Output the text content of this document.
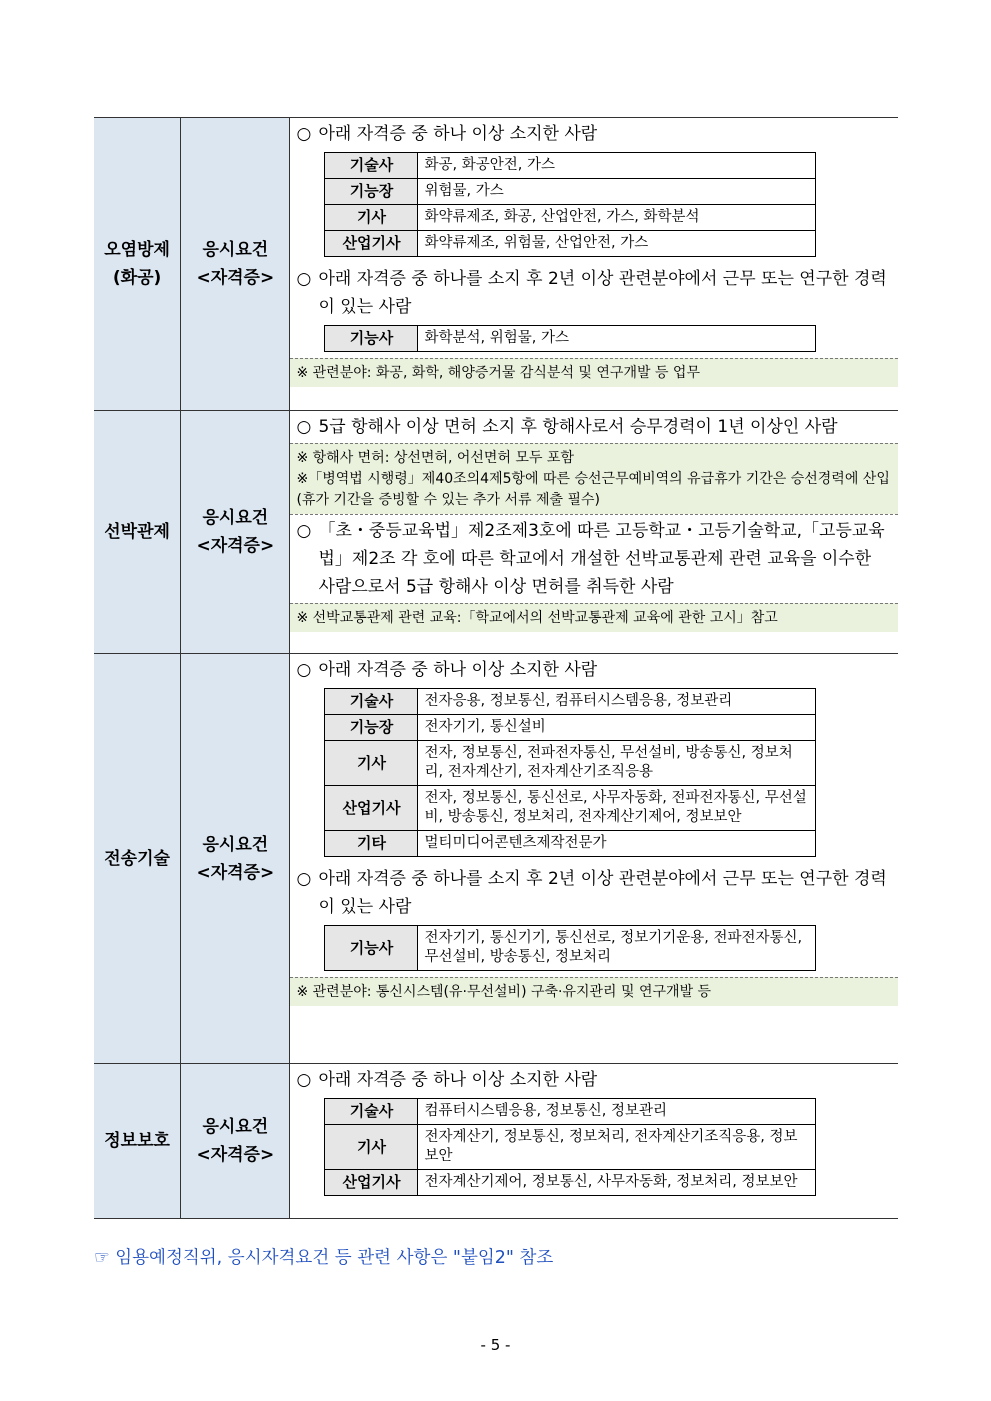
오염방제
(화공)

응시요건
<자격증>

○ 아래 자격증 중 하나 이상 소지한 사람
기술사	화공, 화공안전, 가스
기능장	위험물, 가스
기사	화약류제조, 화공, 산업안전, 가스, 화학분석
산업기사	화약류제조, 위험물, 산업안전, 가스
○ 아래 자격증 중 하나를 소지 후 2년 이상 관련분야에서 근무 또는 연구한 경력이 있는 사람
기능사	화학분석, 위험물, 가스
※ 관련분야: 화공, 화학, 해양증거물 감식분석 및 연구개발 등 업무

선박관제

응시요건
<자격증>

○ 5급 항해사 이상 면허 소지 후 항해사로서 승무경력이 1년 이상인 사람
※ 항해사 면허: 상선면허, 어선면허 모두 포함
※「병역법 시행령」제40조의4제5항에 따른 승선근무예비역의 유급휴가 기간은 승선경력에 산입(휴가 기간을 증빙할 수 있는 추가 서류 제출 필수)
○ 「초・중등교육법」제2조제3호에 따른 고등학교・고등기술학교,「고등교육법」제2조 각 호에 따른 학교에서 개설한 선박교통관제 관련 교육을 이수한 사람으로서 5급 항해사 이상 면허를 취득한 사람
※ 선박교통관제 관련 교육:「학교에서의 선박교통관제 교육에 관한 고시」참고

전송기술

응시요건
<자격증>

○ 아래 자격증 중 하나 이상 소지한 사람
기술사	전자응용, 정보통신, 컴퓨터시스템응용, 정보관리
기능장	전자기기, 통신설비
기사	전자, 정보통신, 전파전자통신, 무선설비, 방송통신, 정보처리, 전자계산기, 전자계산기조직응용
산업기사	전자, 정보통신, 통신선로, 사무자동화, 전파전자통신, 무선설비, 방송통신, 정보처리, 전자계산기제어, 정보보안
기타	멀티미디어콘텐츠제작전문가
○ 아래 자격증 중 하나를 소지 후 2년 이상 관련분야에서 근무 또는 연구한 경력이 있는 사람
기능사	전자기기, 통신기기, 통신선로, 정보기기운용, 전파전자통신, 무선설비, 방송통신, 정보처리
※ 관련분야: 통신시스템(유·무선설비) 구축·유지관리 및 연구개발 등

정보보호

응시요건
<자격증>

○ 아래 자격증 중 하나 이상 소지한 사람
기술사	컴퓨터시스템응용, 정보통신, 정보관리
기사	전자계산기, 정보통신, 정보처리, 전자계산기조직응용, 정보보안
산업기사	전자계산기제어, 정보통신, 사무자동화, 정보처리, 정보보안
☞ 임용예정직위, 응시자격요건 등 관련 사항은 "붙임2" 참조
- 5 -
